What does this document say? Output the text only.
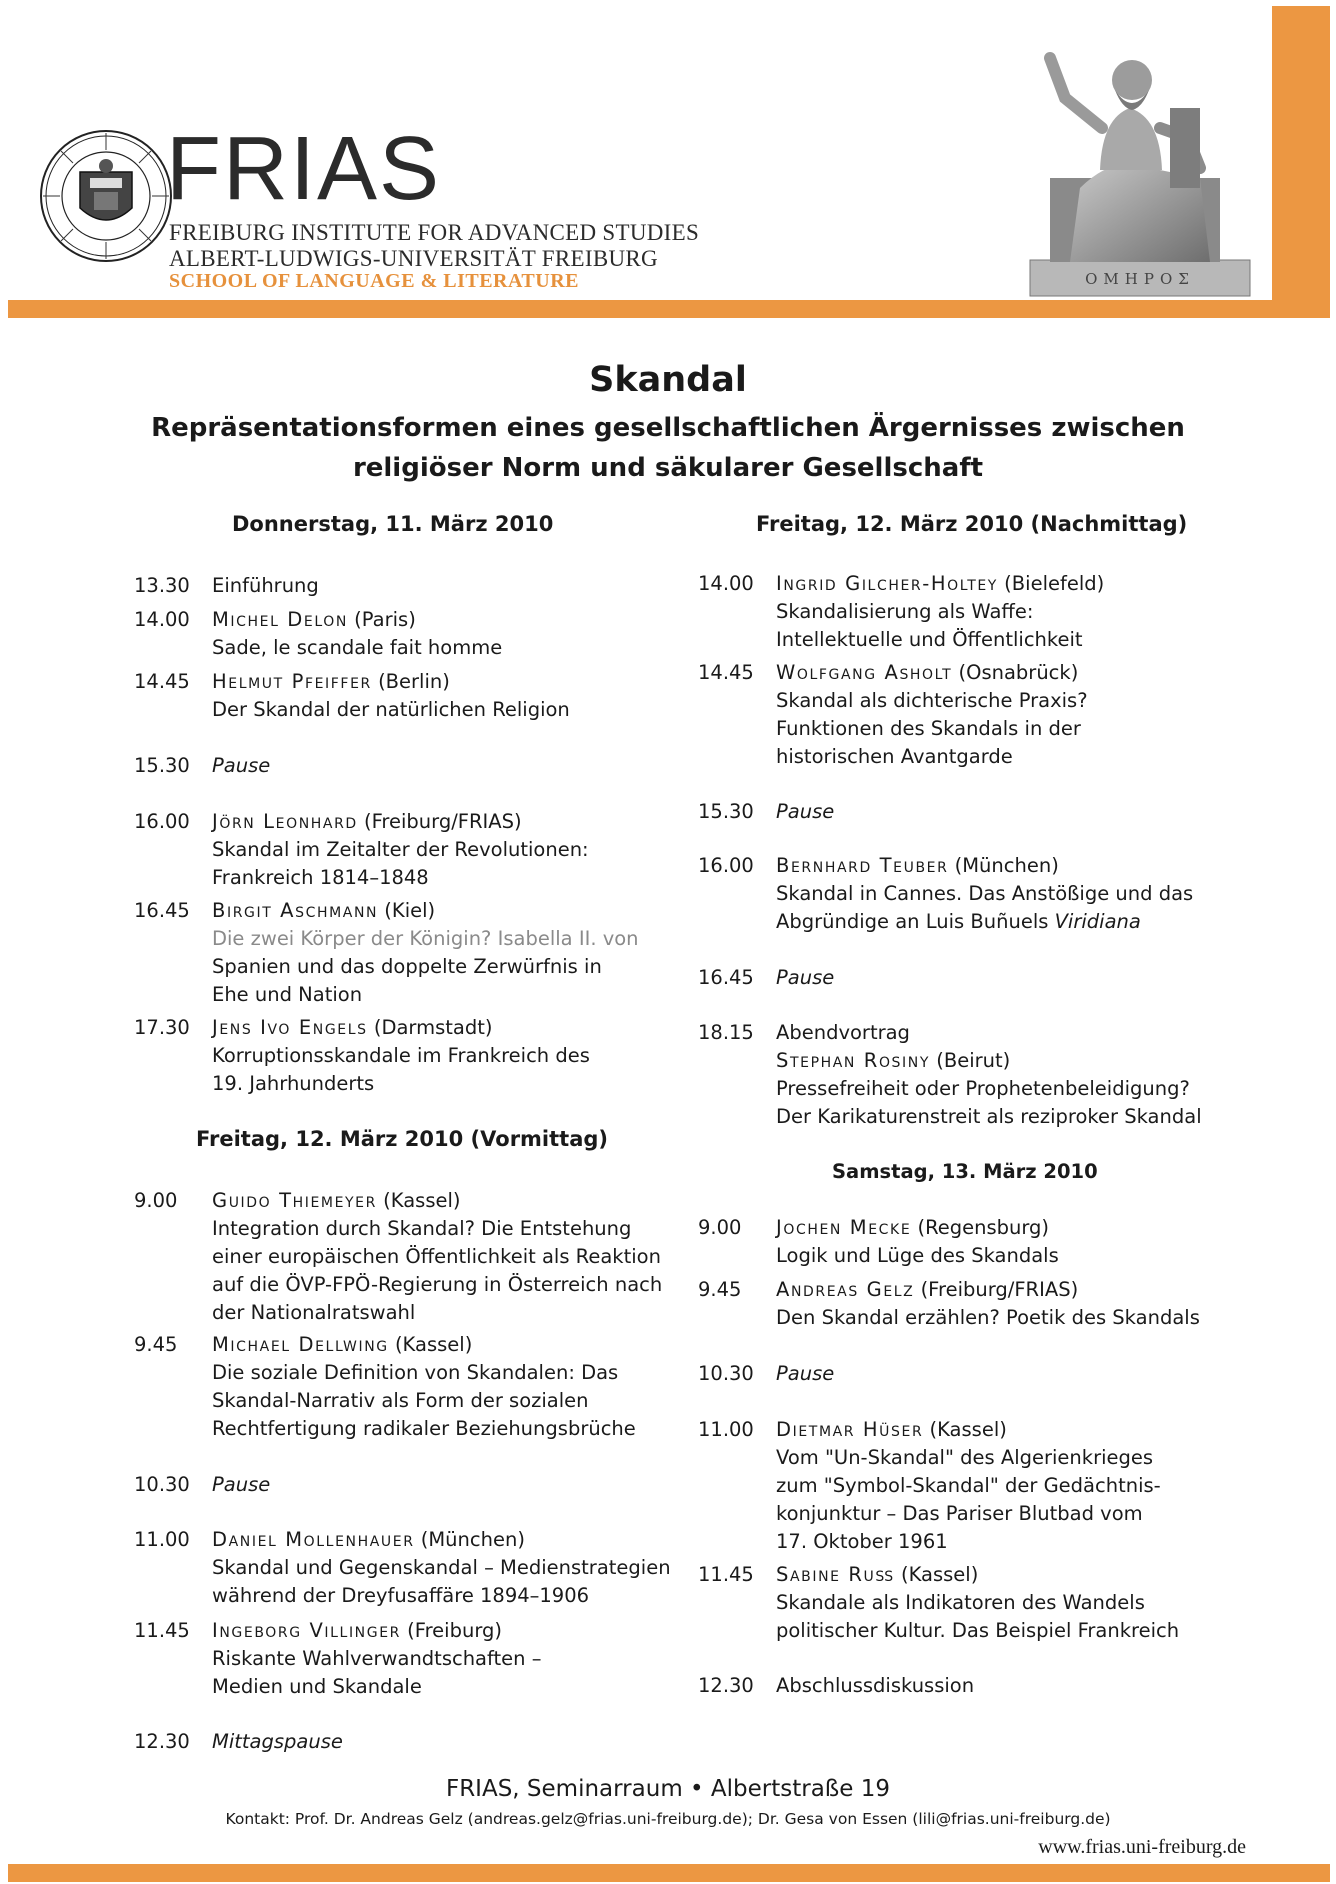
FRIAS
FREIBURG INSTITUTE FOR ADVANCED STUDIES
ALBERT-LUDWIGS-UNIVERSITÄT FREIBURG
SCHOOL OF LANGUAGE & LITERATURE	ΟΜΗΡΟΣ
Skandal
Repräsentationsformen eines gesellschaftlichen Ärgernisses zwischen
religiöser Norm und säkularer Gesellschaft
Donnerstag, 11. März 2010	Freitag, 12. März 2010 (Nachmittag)
Freitag, 12. März 2010 (Vormittag)
Samstag, 13. März 2010
13.30 Einführung
14.00 Michel Delon (Paris)
Sade, le scandale fait homme
14.45 Helmut Pfeiffer (Berlin)
Der Skandal der natürlichen Religion
15.30 Pause
16.00 Jörn Leonhard (Freiburg/FRIAS)
Skandal im Zeitalter der Revolutionen:
Frankreich 1814–1848
16.45 Birgit Aschmann (Kiel)
Die zwei Körper der Königin? Isabella II. von
Spanien und das doppelte Zerwürfnis in
Ehe und Nation
17.30 Jens Ivo Engels (Darmstadt)
Korruptionsskandale im Frankreich des
19. Jahrhunderts
9.00 Guido Thiemeyer (Kassel)
Integration durch Skandal? Die Entstehung
einer europäischen Öffentlichkeit als Reaktion
auf die ÖVP-FPÖ-Regierung in Österreich nach
der Nationalratswahl
9.45 Michael Dellwing (Kassel)
Die soziale Definition von Skandalen: Das
Skandal-Narrativ als Form der sozialen
Rechtfertigung radikaler Beziehungsbrüche
10.30 Pause
11.00 Daniel Mollenhauer (München)
Skandal und Gegenskandal – Medienstrategien
während der Dreyfusaffäre 1894–1906
11.45 Ingeborg Villinger (Freiburg)
Riskante Wahlverwandtschaften –
Medien und Skandale
12.30 Mittagspause
14.00 Ingrid Gilcher-Holtey (Bielefeld)
Skandalisierung als Waffe:
Intellektuelle und Öffentlichkeit
14.45 Wolfgang Asholt (Osnabrück)
Skandal als dichterische Praxis?
Funktionen des Skandals in der
historischen Avantgarde
15.30 Pause
16.00 Bernhard Teuber (München)
Skandal in Cannes. Das Anstößige und das
Abgründige an Luis Buñuels Viridiana
16.45 Pause
18.15 Abendvortrag
Stephan Rosiny (Beirut)
Pressefreiheit oder Prophetenbeleidigung?
Der Karikaturenstreit als reziproker Skandal
9.00 Jochen Mecke (Regensburg)
Logik und Lüge des Skandals
9.45 Andreas Gelz (Freiburg/FRIAS)
Den Skandal erzählen? Poetik des Skandals
10.30 Pause
11.00 Dietmar Hüser (Kassel)
Vom "Un-Skandal" des Algerienkrieges
zum "Symbol-Skandal" der Gedächtnis-
konjunktur – Das Pariser Blutbad vom
17. Oktober 1961
11.45 Sabine Ruß (Kassel)
Skandale als Indikatoren des Wandels
politischer Kultur. Das Beispiel Frankreich
12.30 Abschlussdiskussion
FRIAS, Seminarraum • Albertstraße 19
Kontakt: Prof. Dr. Andreas Gelz (andreas.gelz@frias.uni-freiburg.de); Dr. Gesa von Essen (lili@frias.uni-freiburg.de)
www.frias.uni-freiburg.de
